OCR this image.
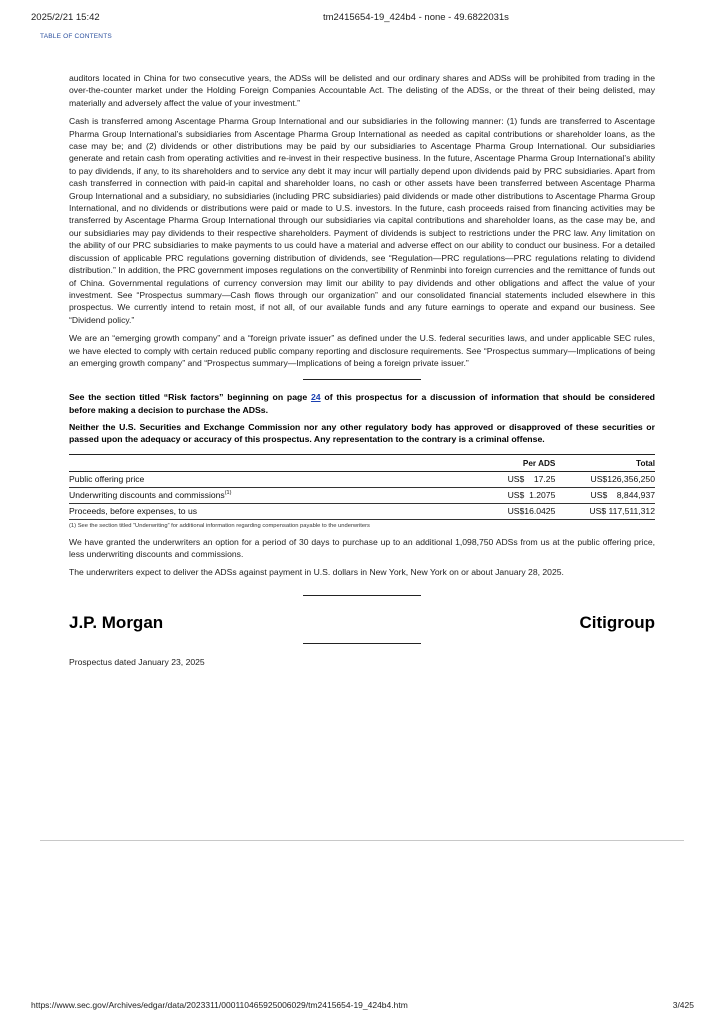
2025/2/21 15:42	tm2415654-19_424b4 - none - 49.6822031s
TABLE OF CONTENTS

auditors located in China for two consecutive years, the ADSs will be delisted and our ordinary shares and ADSs will be prohibited from trading in the over-the-counter market under the Holding Foreign Companies Accountable Act. The delisting of the ADSs, or the threat of their being delisted, may materially and adversely affect the value of your investment.”

Cash is transferred among Ascentage Pharma Group International and our subsidiaries in the following manner: (1) funds are transferred to Ascentage Pharma Group International’s subsidiaries from Ascentage Pharma Group International as needed as capital contributions or shareholder loans, as the case may be; and (2) dividends or other distributions may be paid by our subsidiaries to Ascentage Pharma Group International. Our subsidiaries generate and retain cash from operating activities and re-invest in their respective business. In the future, Ascentage Pharma Group International’s ability to pay dividends, if any, to its shareholders and to service any debt it may incur will partially depend upon dividends paid by PRC subsidiaries. Apart from cash transferred in connection with paid-in capital and shareholder loans, no cash or other assets have been transferred between Ascentage Pharma Group International and a subsidiary, no subsidiaries (including PRC subsidiaries) paid dividends or made other distributions to Ascentage Pharma Group International, and no dividends or distributions were paid or made to U.S. investors. In the future, cash proceeds raised from financing activities may be transferred by Ascentage Pharma Group International through our subsidiaries via capital contributions and shareholder loans, as the case may be, and our subsidiaries may pay dividends to their respective shareholders. Payment of dividends is subject to restrictions under the PRC law. Any limitation on the ability of our PRC subsidiaries to make payments to us could have a material and adverse effect on our ability to conduct our business. For a detailed discussion of applicable PRC regulations governing distribution of dividends, see “Regulation—PRC regulations—PRC regulations relating to dividend distribution.” In addition, the PRC government imposes regulations on the convertibility of Renminbi into foreign currencies and the remittance of funds out of China. Governmental regulations of currency conversion may limit our ability to pay dividends and other obligations and affect the value of your investment. See “Prospectus summary—Cash flows through our organization” and our consolidated financial statements included elsewhere in this prospectus. We currently intend to retain most, if not all, of our available funds and any future earnings to operate and expand our business. See “Dividend policy.”

We are an “emerging growth company” and a “foreign private issuer” as defined under the U.S. federal securities laws, and under applicable SEC rules, we have elected to comply with certain reduced public company reporting and disclosure requirements. See “Prospectus summary—Implications of being an emerging growth company” and “Prospectus summary—Implications of being a foreign private issuer.”

See the section titled “Risk factors” beginning on page 24 of this prospectus for a discussion of information that should be considered before making a decision to purchase the ADSs.

Neither the U.S. Securities and Exchange Commission nor any other regulatory body has approved or disapproved of these securities or passed upon the adequacy or accuracy of this prospectus. Any representation to the contrary is a criminal offense.

	Per ADS	Total
Public offering price	US$    17.25	US$126,356,250
Underwriting discounts and commissions$^{(1)}$	US$  1.2075	US$    8,844,937
Proceeds, before expenses, to us	US$16.0425	US$ 117,511,312
(1) See the section titled “Underwriting” for additional information regarding compensation payable to the underwriters

We have granted the underwriters an option for a period of 30 days to purchase up to an additional 1,098,750 ADSs from us at the public offering price, less underwriting discounts and commissions.

The underwriters expect to deliver the ADSs against payment in U.S. dollars in New York, New York on or about January 28, 2025.

J.P. Morgan	Citigroup
Prospectus dated January 23, 2025
https://www.sec.gov/Archives/edgar/data/2023311/000110465925006029/tm2415654-19_424b4.htm	3/425
